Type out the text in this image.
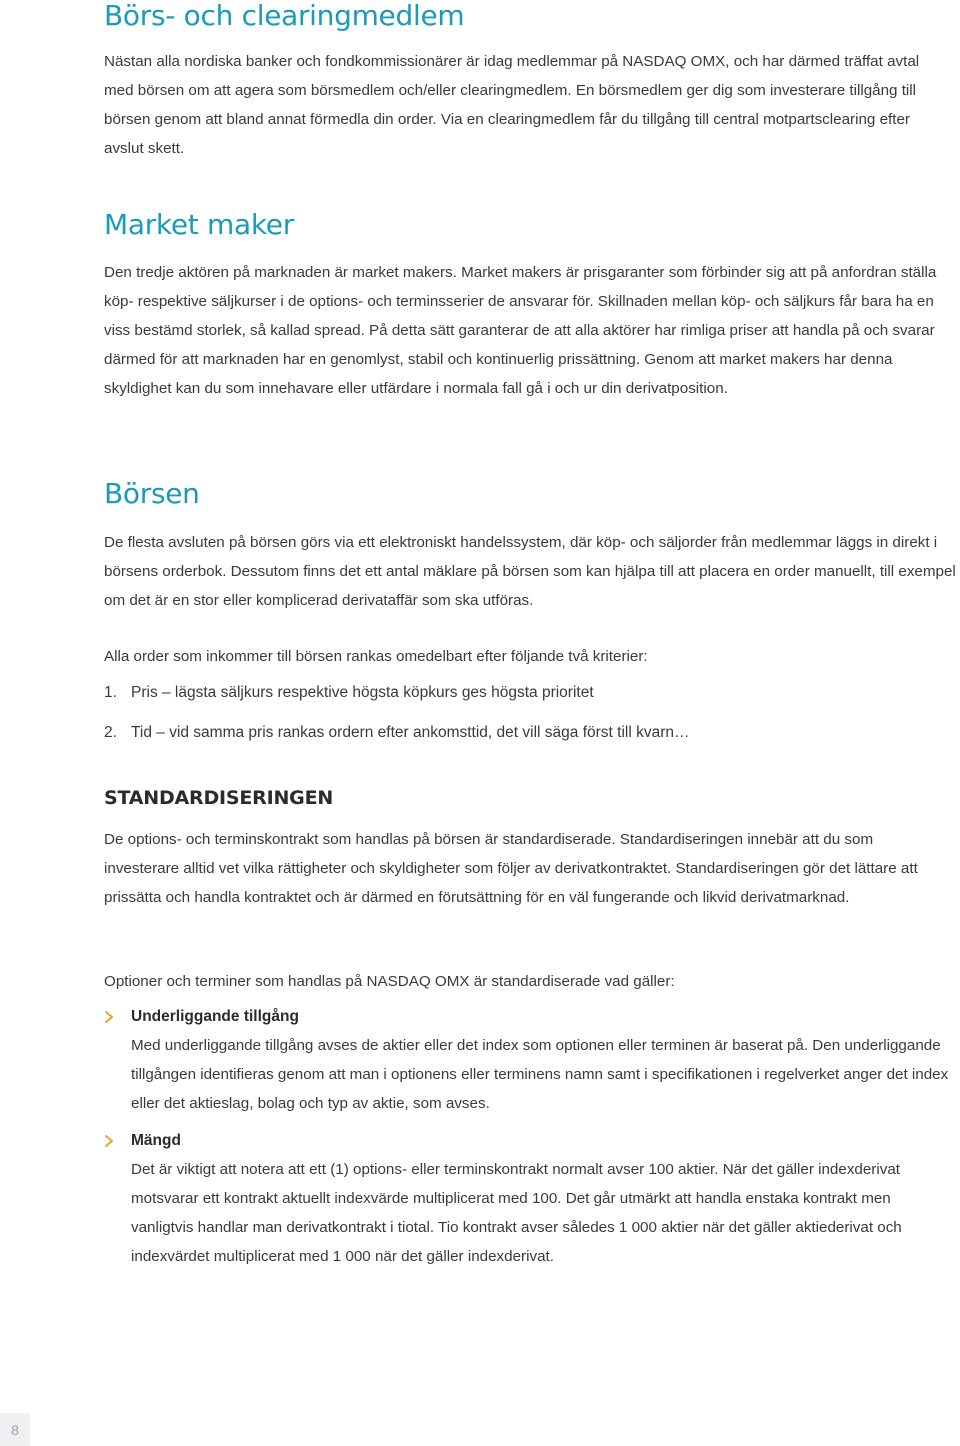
Börs- och clearingmedlem

Nästan alla nordiska banker och fondkommissionärer är idag medlemmar på NASDAQ OMX, och har därmed träffat avtal med börsen om att agera som börsmedlem och/eller clearingmedlem. En börsmedlem ger dig som investerare tillgång till börsen genom att bland annat förmedla din order. Via en clearingmedlem får du tillgång till central motpartsclearing efter avslut skett.

Market maker

Den tredje aktören på marknaden är market makers. Market makers är prisgaranter som förbinder sig att på anfordran ställa köp- respektive säljkurser i de options- och terminsserier de ansvarar för. Skillnaden mellan köp- och säljkurs får bara ha en viss bestämd storlek, så kallad spread. På detta sätt garanterar de att alla aktörer har rimliga priser att handla på och svarar därmed för att marknaden har en genomlyst, stabil och kontinuerlig prissättning. Genom att market makers har denna skyldighet kan du som innehavare eller utfärdare i normala fall gå i och ur din derivatposition.

Börsen

De flesta avsluten på börsen görs via ett elektroniskt handelssystem, där köp- och säljorder från medlemmar läggs in direkt i börsens orderbok. Dessutom finns det ett antal mäklare på börsen som kan hjälpa till att placera en order manuellt, till exempel om det är en stor eller komplicerad derivataffär som ska utföras.

Alla order som inkommer till börsen rankas omedelbart efter följande två kriterier:

1. Pris – lägsta säljkurs respektive högsta köpkurs ges högsta prioritet
2. Tid – vid samma pris rankas ordern efter ankomsttid, det vill säga först till kvarn…
STANDARDISERINGEN

De options- och terminskontrakt som handlas på börsen är standardiserade. Standardiseringen innebär att du som investerare alltid vet vilka rättigheter och skyldigheter som följer av derivatkontraktet. Standardiseringen gör det lättare att prissätta och handla kontraktet och är därmed en förutsättning för en väl fungerande och likvid derivatmarknad.

Optioner och terminer som handlas på NASDAQ OMX är standardiserade vad gäller:

Underliggande tillgång

Med underliggande tillgång avses de aktier eller det index som optionen eller terminen är baserat på. Den underliggande tillgången identifieras genom att man i optionens eller terminens namn samt i specifikationen i regelverket anger det index eller det aktieslag, bolag och typ av aktie, som avses.

Mängd

Det är viktigt att notera att ett (1) options- eller terminskontrakt normalt avser 100 aktier. När det gäller indexderivat motsvarar ett kontrakt aktuellt indexvärde multiplicerat med 100. Det går utmärkt att handla enstaka kontrakt men vanligtvis handlar man derivatkontrakt i tiotal. Tio kontrakt avser således 1 000 aktier när det gäller aktiederivat och indexvärdet multiplicerat med 1 000 när det gäller indexderivat.

8
